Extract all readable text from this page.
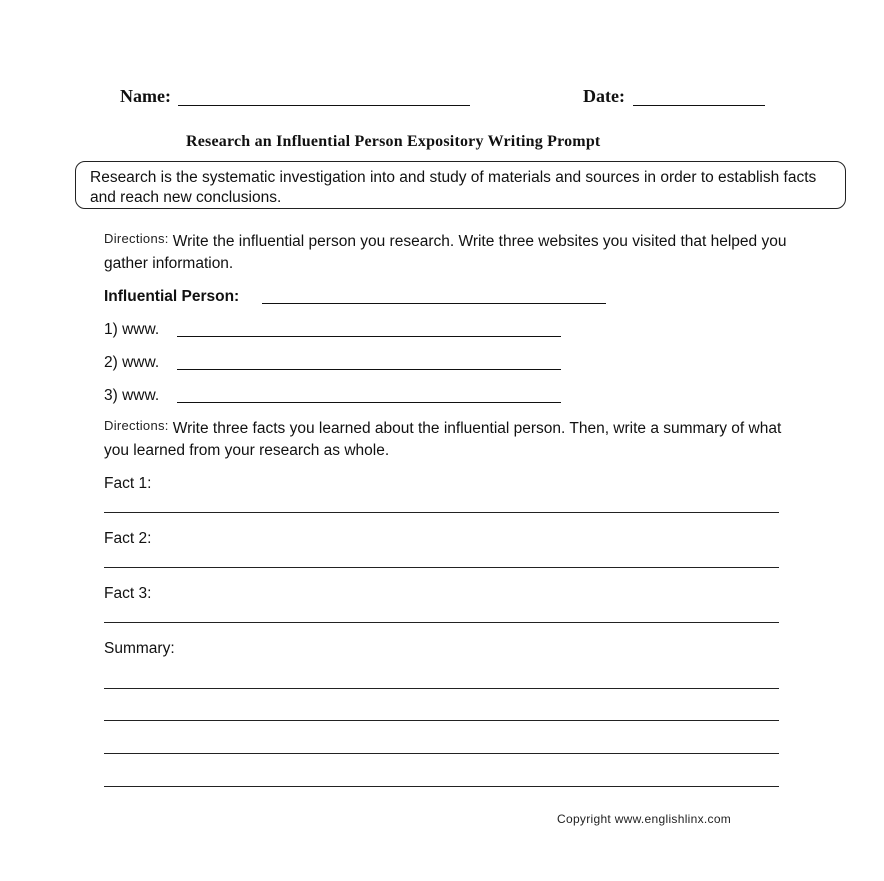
Name:	Date:
Research an Influential Person Expository Writing Prompt
Research is the systematic investigation into and study of materials and sources in order to establish facts and reach new conclusions.
Directions: Write the influential person you research. Write three websites you visited that helped you gather information.
Influential Person:
1) www.
2) www.
3) www.
Directions: Write three facts you learned about the influential person. Then, write a summary of what you learned from your research as whole.
Fact 1:
Fact 2:
Fact 3:
Summary:
Copyright www.englishlinx.com
